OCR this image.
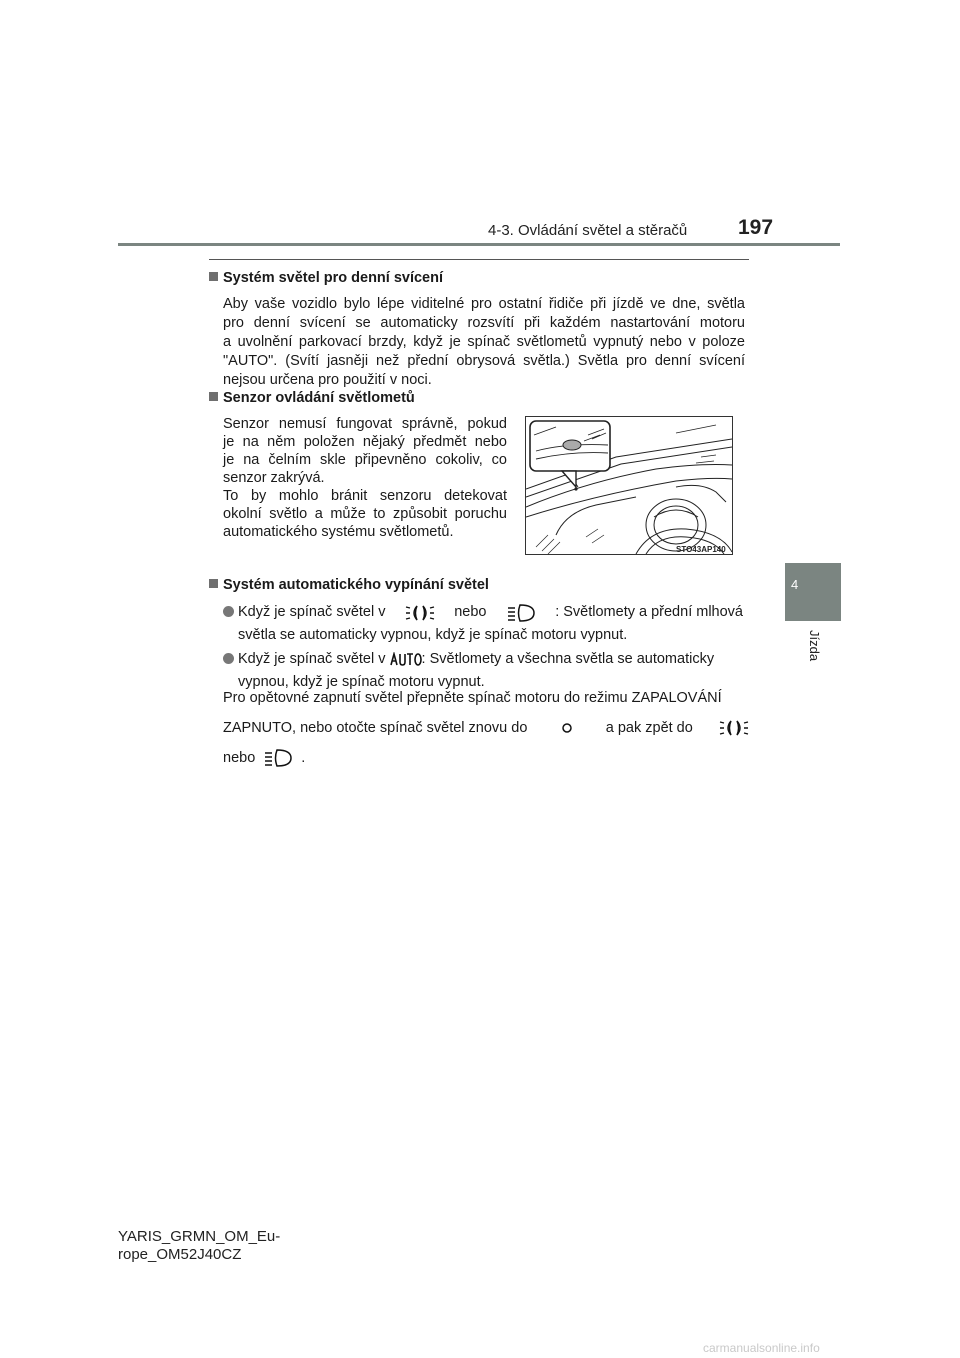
4-3. Ovládání světel a stěračů 197
4
Jízda
Systém světel pro denní svícení
Aby vaše vozidlo bylo lépe viditelné pro ostatní řidiče při jízdě ve dne, světla
pro denní svícení se automaticky rozsvítí při každém nastartování motoru
a uvolnění parkovací brzdy, když je spínač světlometů vypnutý nebo v poloze
"AUTO". (Svítí jasněji než přední obrysová světla.) Světla pro denní svícení
nejsou určena pro použití v noci.
Senzor ovládání světlometů
Senzor nemusí fungovat správně, pokud
je na něm položen nějaký předmět nebo
je na čelním skle připevněno cokoliv, co
senzor zakrývá.
To by mohlo bránit senzoru detekovat
okolní světlo a může to způsobit poruchu
automatického systému světlometů.
STO43AP140
Systém automatického vypínání světel
Když je spínač světel v	nebo	: Světlomety a přední mlhová
světla se automaticky vypnou, když je spínač motoru vypnut.
Když je spínač světel v : Světlomety a všechna světla se automaticky
vypnou, když je spínač motoru vypnut.
Pro opětovné zapnutí světel přepněte spínač motoru do režimu ZAPALOVÁNÍ
ZAPNUTO, nebo otočte spínač světel znovu do	a pak zpět do
nebo	.
YARIS_GRMN_OM_Eu-
rope_OM52J40CZ
carmanualsonline.info
